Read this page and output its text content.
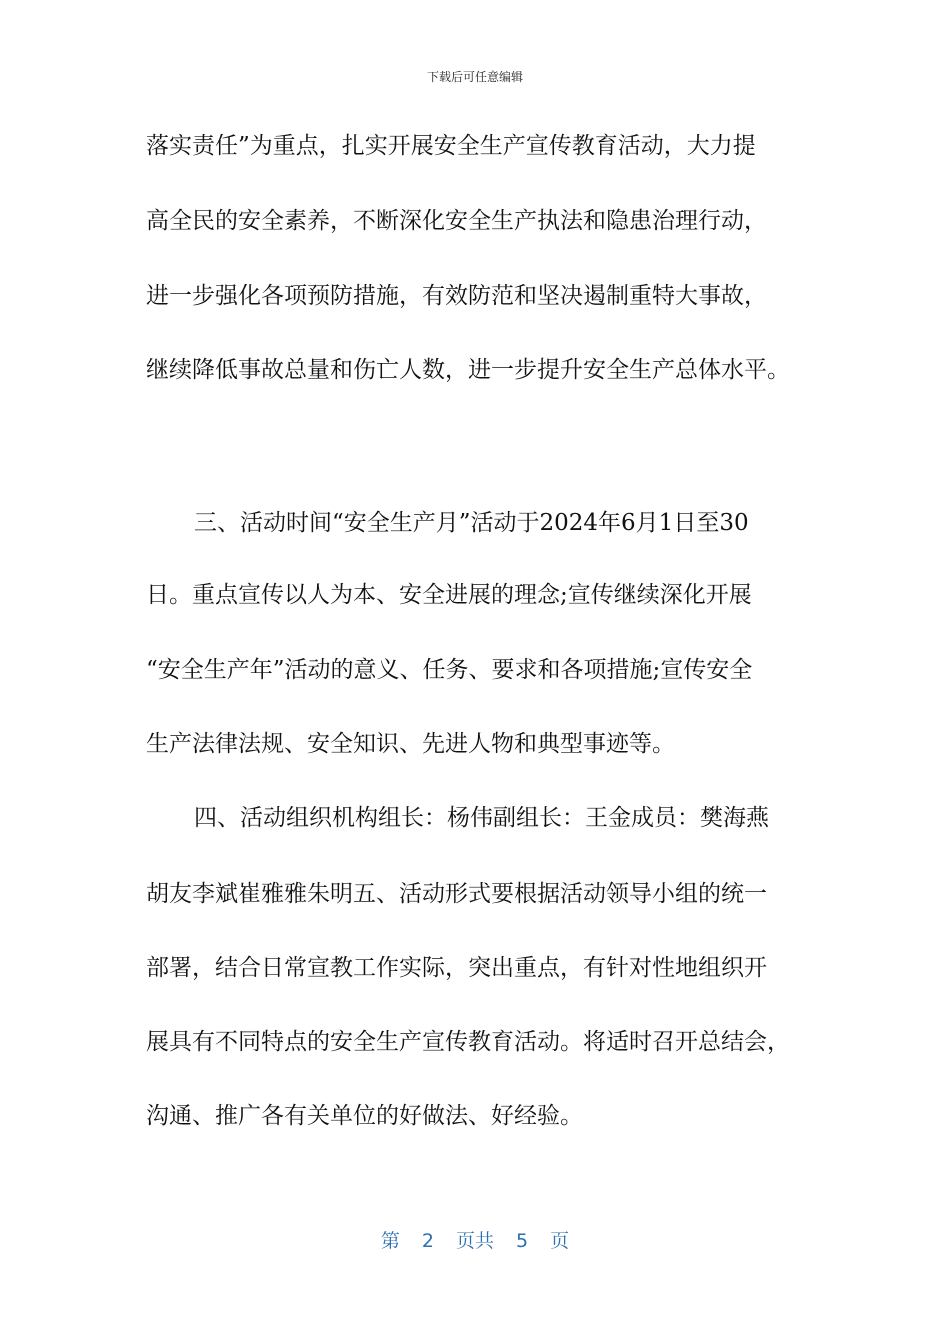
下载后可任意编辑
落实责任”为重点，扎实开展安全生产宣传教育活动，大力提
高全民的安全素养，不断深化安全生产执法和隐患治理行动，
进一步强化各项预防措施，有效防范和坚决遏制重特大事故，
继续降低事故总量和伤亡人数，进一步提升安全生产总体水平。
三、活动时间“安全生产月”活动于2024年6月1日至30
日。重点宣传以人为本、安全进展的理念;宣传继续深化开展
“安全生产年”活动的意义、任务、要求和各项措施;宣传安全
生产法律法规、安全知识、先进人物和典型事迹等。
四、活动组织机构组长：杨伟副组长：王金成员：樊海燕
胡友李斌崔雅雅朱明五、活动形式要根据活动领导小组的统一
部署，结合日常宣教工作实际，突出重点，有针对性地组织开
展具有不同特点的安全生产宣传教育活动。将适时召开总结会，
沟通、推广各有关单位的好做法、好经验。
第 2 页共 5 页
